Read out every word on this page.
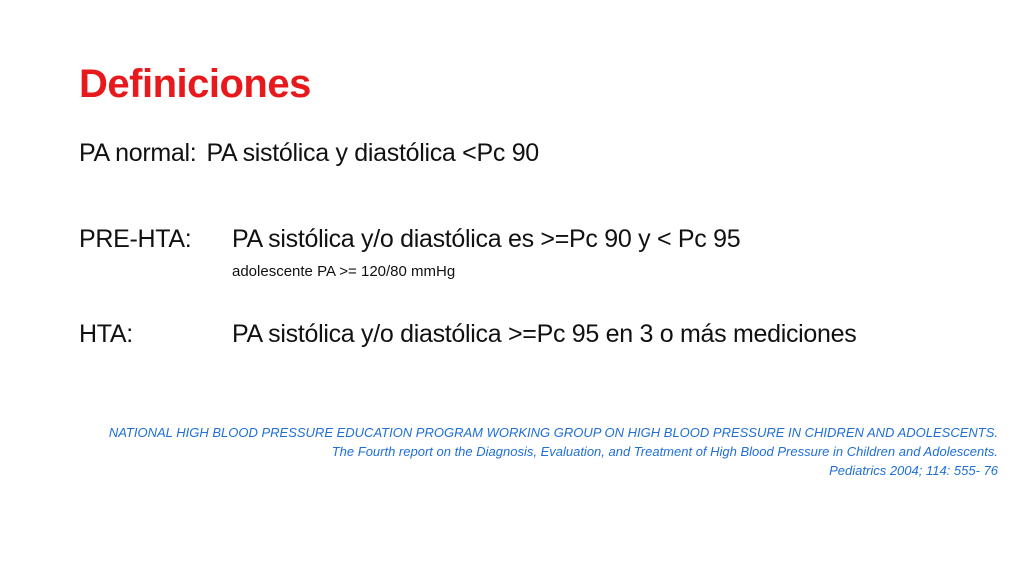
Definiciones
PA normal: PA sistólica y diastólica <Pc 90
PRE-HTA: PA sistólica y/o diastólica es >=Pc 90 y < Pc 95
adolescente PA >= 120/80 mmHg
HTA:	PA sistólica y/o diastólica >=Pc 95 en 3 o más mediciones
NATIONAL HIGH BLOOD PRESSURE EDUCATION PROGRAM WORKING GROUP ON HIGH BLOOD PRESSURE IN CHIDREN AND ADOLESCENTS.
The Fourth report on the Diagnosis, Evaluation, and Treatment of High Blood Pressure in Children and Adolescents.
Pediatrics 2004; 114: 555- 76
